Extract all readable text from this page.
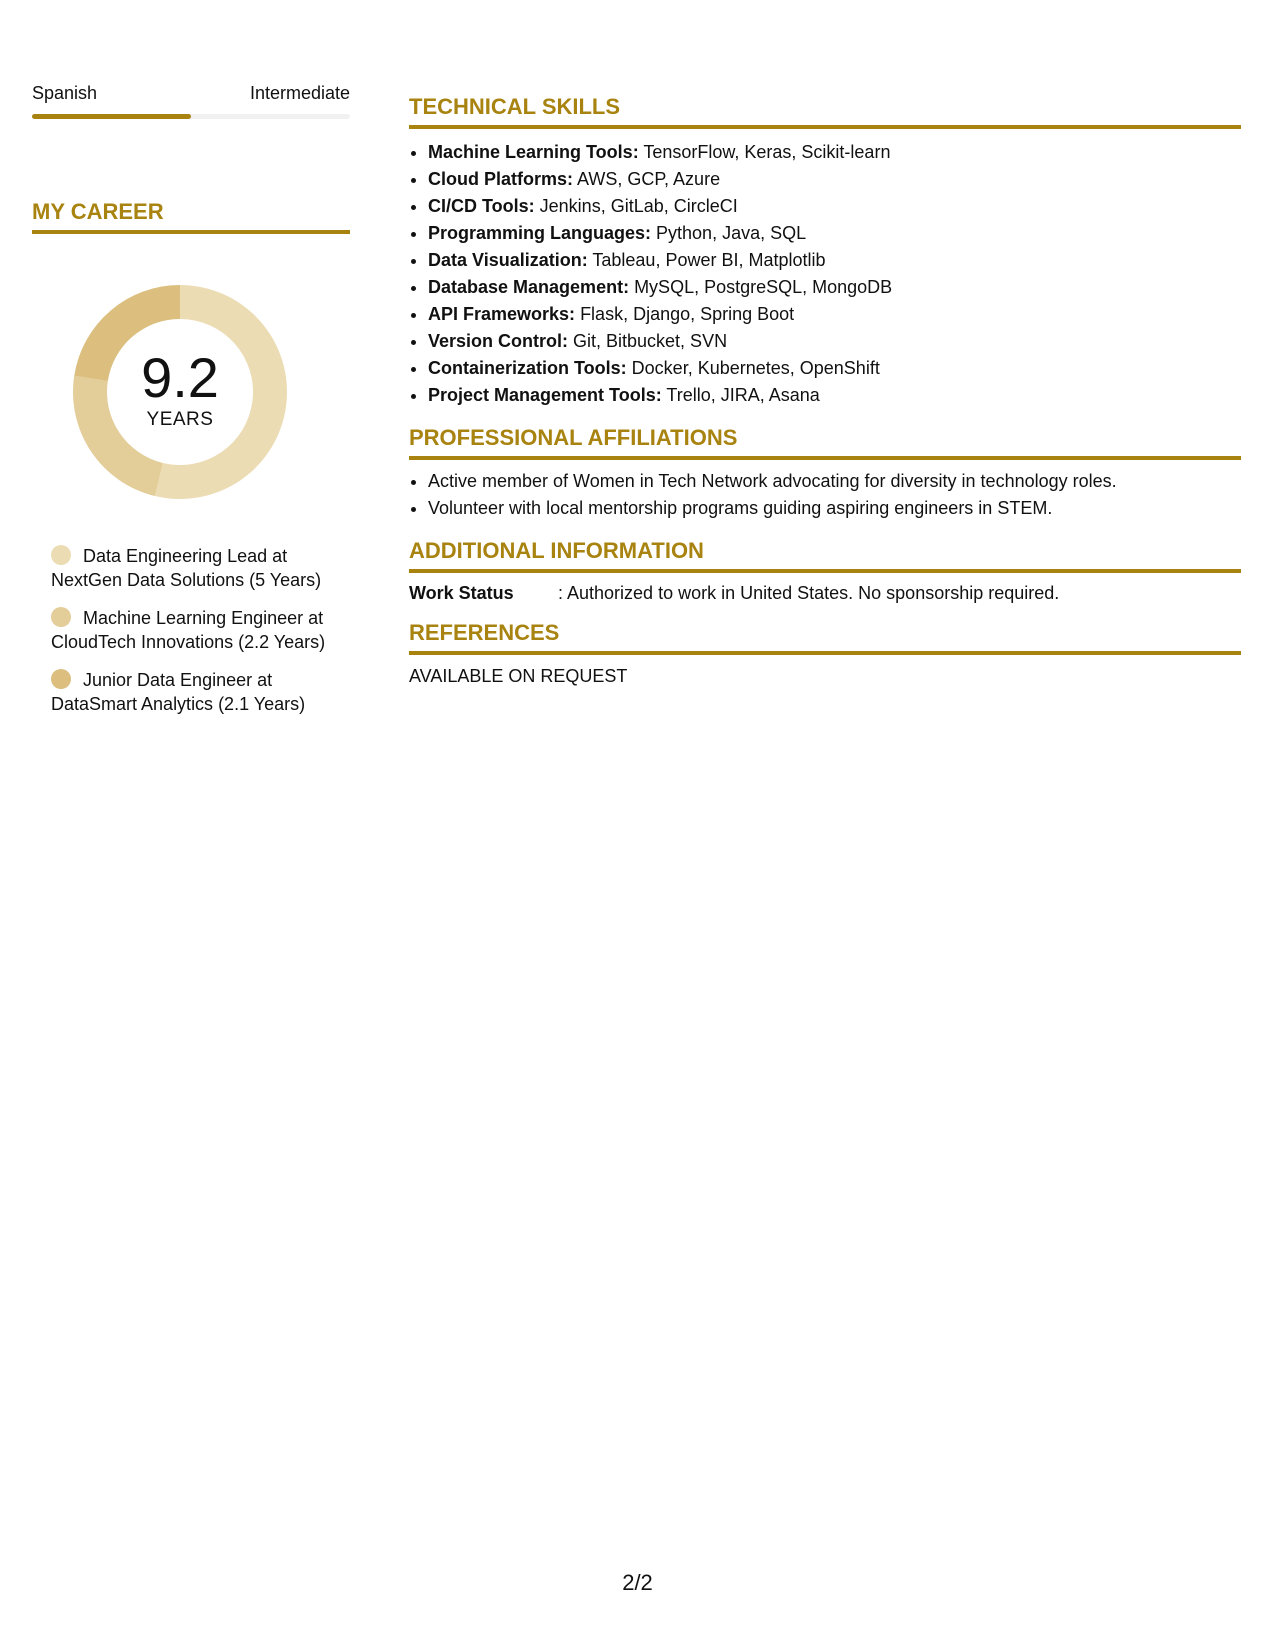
Spanish	Intermediate
MY CAREER
9.2
YEARS
Data Engineering Lead at NextGen Data Solutions (5 Years)
Machine Learning Engineer at CloudTech Innovations (2.2 Years)
Junior Data Engineer at DataSmart Analytics (2.1 Years)
TECHNICAL SKILLS
• Machine Learning Tools: TensorFlow, Keras, Scikit-learn
• Cloud Platforms: AWS, GCP, Azure
• CI/CD Tools: Jenkins, GitLab, CircleCI
• Programming Languages: Python, Java, SQL
• Data Visualization: Tableau, Power BI, Matplotlib
• Database Management: MySQL, PostgreSQL, MongoDB
• API Frameworks: Flask, Django, Spring Boot
• Version Control: Git, Bitbucket, SVN
• Containerization Tools: Docker, Kubernetes, OpenShift
• Project Management Tools: Trello, JIRA, Asana
PROFESSIONAL AFFILIATIONS
• Active member of Women in Tech Network advocating for diversity in technology roles.
• Volunteer with local mentorship programs guiding aspiring engineers in STEM.
ADDITIONAL INFORMATION
Work Status	: Authorized to work in United States. No sponsorship required.
REFERENCES
AVAILABLE ON REQUEST
2/2
